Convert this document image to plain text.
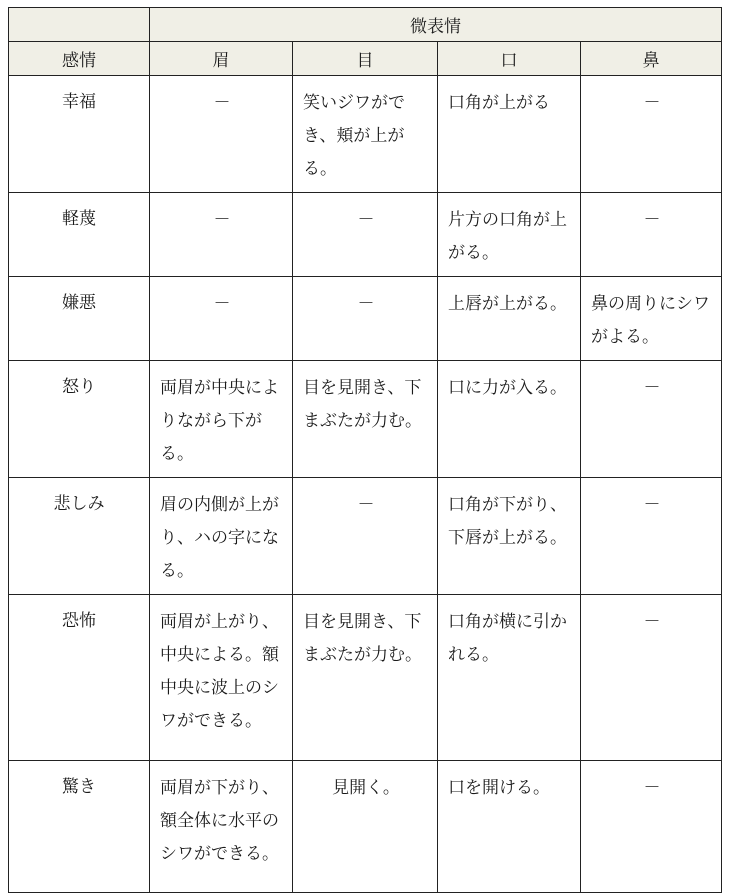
	微表情			
感情	眉	目	口	鼻
幸福	－	笑いジワができ、頬が上がる。	口角が上がる	－
軽蔑	－	－	片方の口角が上がる。	－
嫌悪	－	－	上唇が上がる。	鼻の周りにシワがよる。
怒り	両眉が中央によりながら下がる。	目を見開き、下まぶたが力む。	口に力が入る。	－
悲しみ	眉の内側が上がり、ハの字になる。	－	口角が下がり、下唇が上がる。	－
恐怖	両眉が上がり、中央による。額中央に波上のシワができる。	目を見開き、下まぶたが力む。	口角が横に引かれる。	－
驚き	両眉が下がり、額全体に水平のシワができる。	見開く。	口を開ける。	－
